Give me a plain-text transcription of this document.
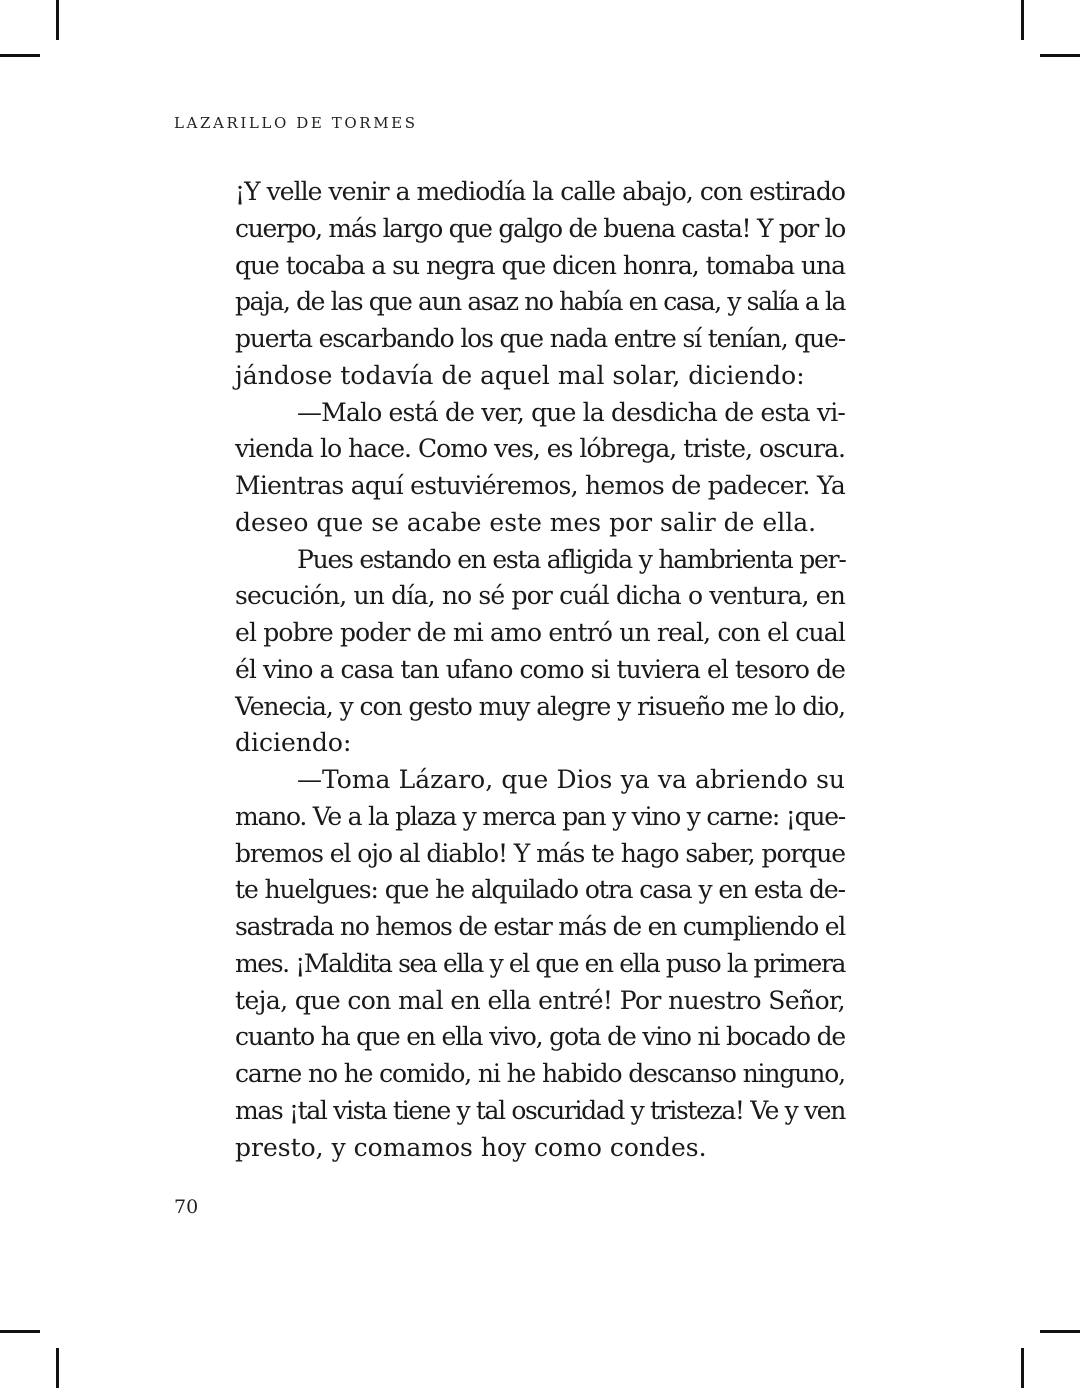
LAZARILLO DE TORMES
¡Y velle venir a mediodía la calle abajo, con estirado
cuerpo, más largo que galgo de buena casta! Y por lo
que tocaba a su negra que dicen honra, tomaba una
paja, de las que aun asaz no había en casa, y salía a la
puerta escarbando los que nada entre sí tenían, que-
jándose todavía de aquel mal solar, diciendo:
—Malo está de ver, que la desdicha de esta vi-
vienda lo hace. Como ves, es lóbrega, triste, oscura.
Mientras aquí estuviéremos, hemos de padecer. Ya
deseo que se acabe este mes por salir de ella.
Pues estando en esta afligida y hambrienta per-
secución, un día, no sé por cuál dicha o ventura, en
el pobre poder de mi amo entró un real, con el cual
él vino a casa tan ufano como si tuviera el tesoro de
Venecia, y con gesto muy alegre y risueño me lo dio,
diciendo:
—Toma Lázaro, que Dios ya va abriendo su
mano. Ve a la plaza y merca pan y vino y carne: ¡que-
bremos el ojo al diablo! Y más te hago saber, porque
te huelgues: que he alquilado otra casa y en esta de-
sastrada no hemos de estar más de en cumpliendo el
mes. ¡Maldita sea ella y el que en ella puso la primera
teja, que con mal en ella entré! Por nuestro Señor,
cuanto ha que en ella vivo, gota de vino ni bocado de
carne no he comido, ni he habido descanso ninguno,
mas ¡tal vista tiene y tal oscuridad y tristeza! Ve y ven
presto, y comamos hoy como condes.
70
